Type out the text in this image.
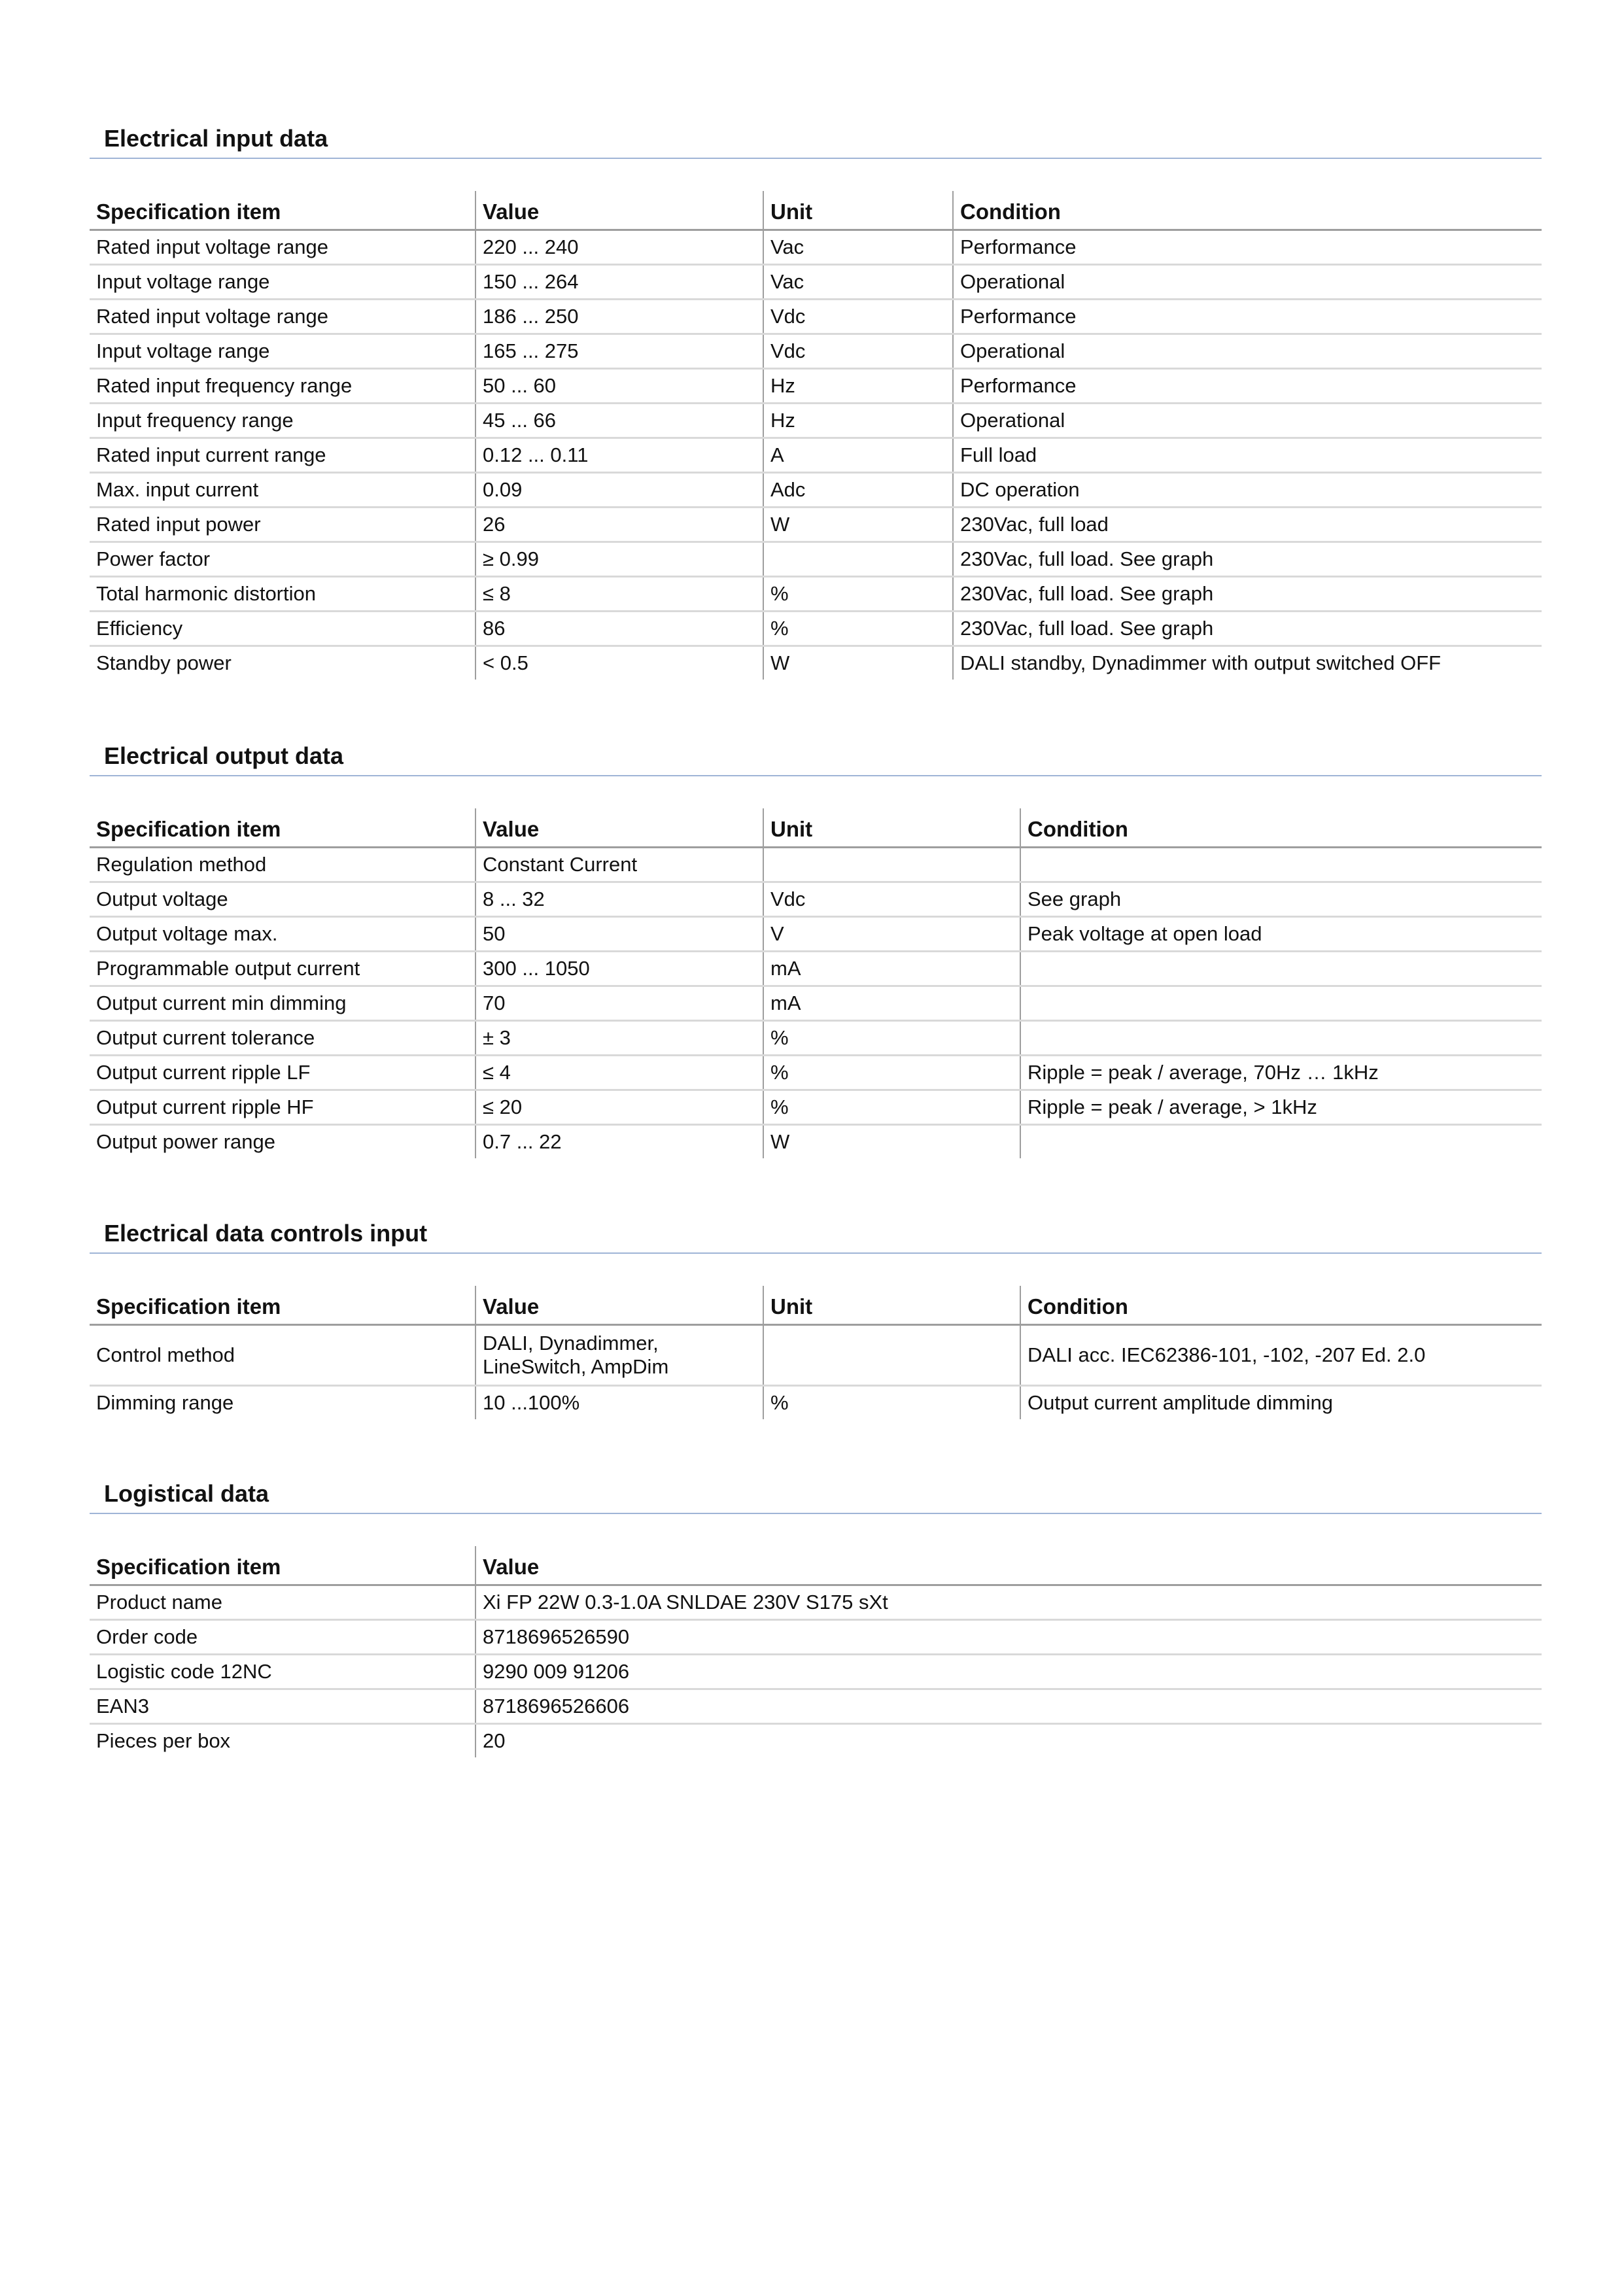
Electrical input data
Specification item	Value	Unit	Condition
Rated input voltage range	220 ... 240	Vac	Performance
Input voltage range	150 ... 264	Vac	Operational
Rated input voltage range	186 ... 250	Vdc	Performance
Input voltage range	165 ... 275	Vdc	Operational
Rated input frequency range	50 ... 60	Hz	Performance
Input frequency range	45 ... 66	Hz	Operational
Rated input current range	0.12 ... 0.11	A	Full load
Max. input current	0.09	Adc	DC operation
Rated input power	26	W	230Vac, full load
Power factor	≥ 0.99		230Vac, full load. See graph
Total harmonic distortion	≤ 8	%	230Vac, full load. See graph
Efficiency	86	%	230Vac, full load. See graph
Standby power	< 0.5	W	DALI standby, Dynadimmer with output switched OFF
Electrical output data
Specification item	Value	Unit	Condition
Regulation method	Constant Current		
Output voltage	8 ... 32	Vdc	See graph
Output voltage max.	50	V	Peak voltage at open load
Programmable output current	300 ... 1050	mA	
Output current min dimming	70	mA	
Output current tolerance	± 3	%	
Output current ripple LF	≤ 4	%	Ripple = peak / average, 70Hz … 1kHz
Output current ripple HF	≤ 20	%	Ripple = peak / average, > 1kHz
Output power range	0.7 ... 22	W	
Electrical data controls input
Specification item	Value	Unit	Condition
Control method	DALI, Dynadimmer, LineSwitch, AmpDim		DALI acc. IEC62386-101, -102, -207 Ed. 2.0
Dimming range	10 ...100%	%	Output current amplitude dimming
Logistical data
Specification item	Value
Product name	Xi FP 22W 0.3-1.0A SNLDAE 230V S175 sXt
Order code	8718696526590
Logistic code 12NC	9290 009 91206
EAN3	8718696526606
Pieces per box	20
